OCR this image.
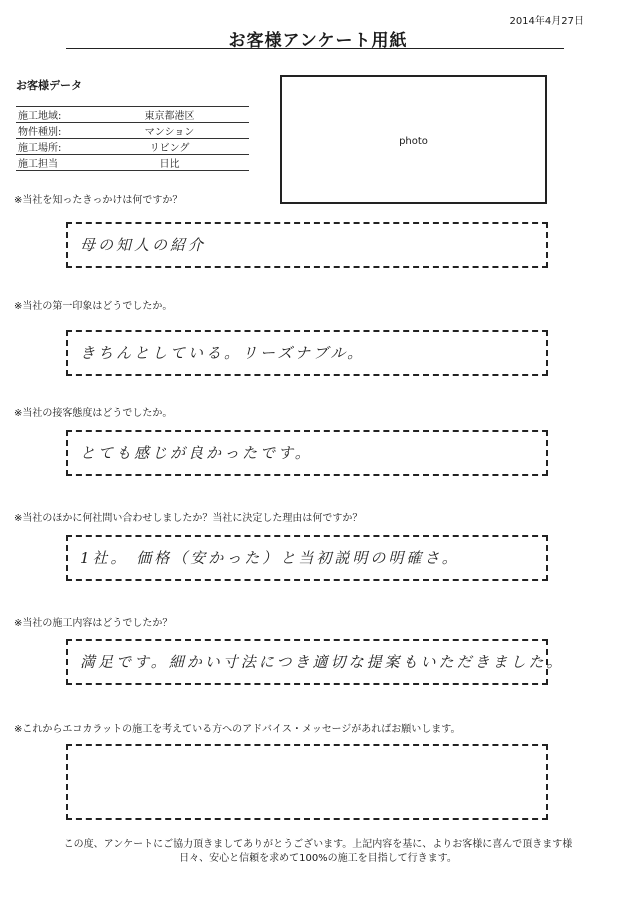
2014年4月27日
お客様アンケート用紙
お客様データ
施工地域:	東京都港区
物件種別:	マンション
施工場所:	リビング
施工担当	日比
photo
※当社を知ったきっかけは何ですか？
母の知人の紹介
※当社の第一印象はどうでしたか。
きちんとしている。リーズナブル。
※当社の接客態度はどうでしたか。
とても感じが良かったです。
※当社のほかに何社問い合わせしましたか？当社に決定した理由は何ですか？
1社。 価格（安かった）と当初説明の明確さ。
※当社の施工内容はどうでしたか？
満足です。細かい寸法につき適切な提案もいただきました。
※これからエコカラットの施工を考えている方へのアドバイス・メッセージがあればお願いします。
この度、アンケートにご協力頂きましてありがとうございます。上記内容を基に、よりお客様に喜んで頂きます様
日々、安心と信頼を求めて100%の施工を目指して行きます。
